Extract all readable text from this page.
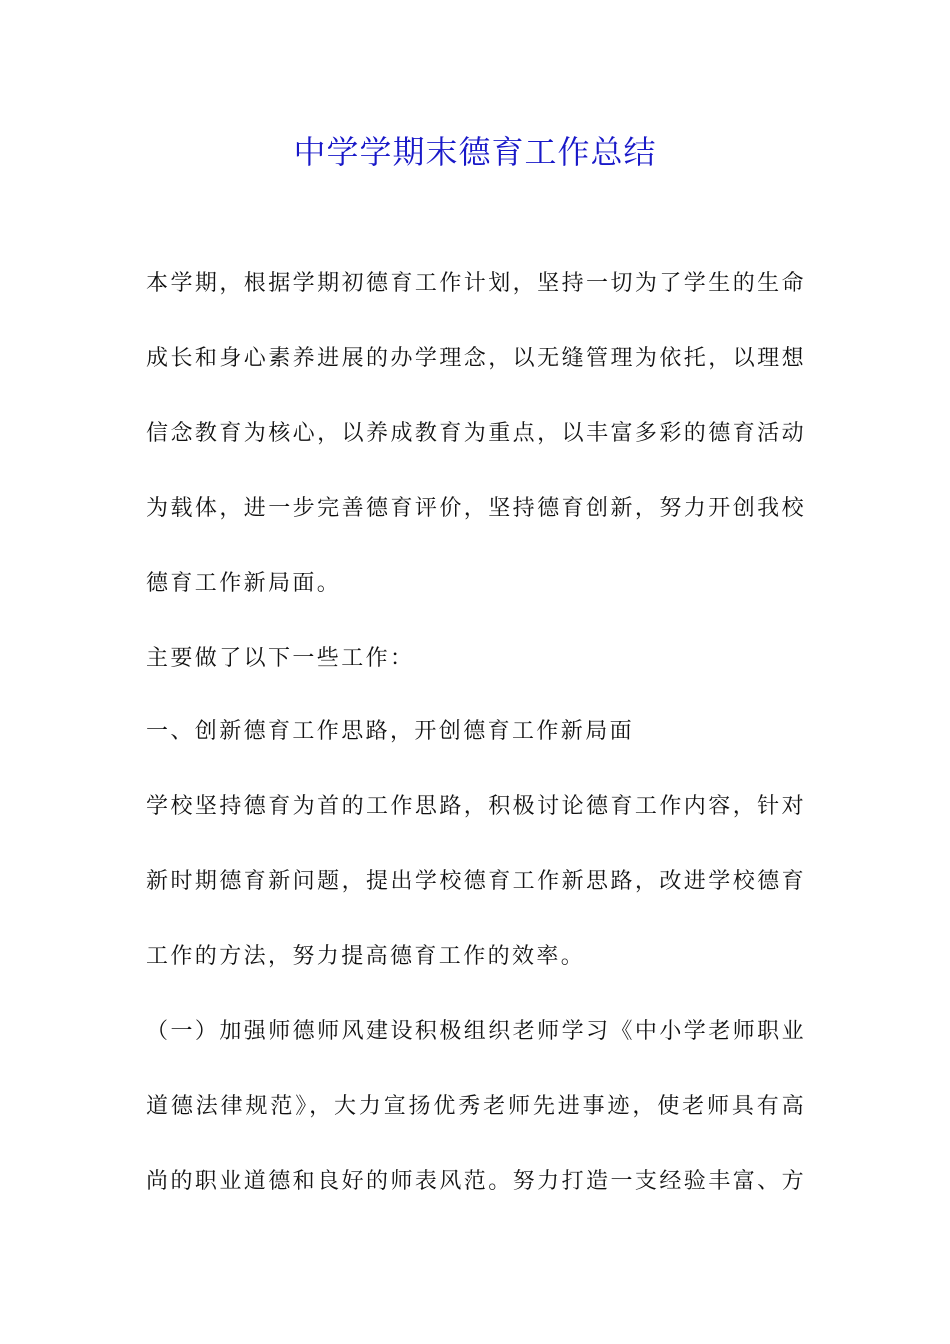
中学学期末德育工作总结
本学期，根据学期初德育工作计划，坚持一切为了学生的生命
成长和身心素养进展的办学理念，以无缝管理为依托，以理想
信念教育为核心，以养成教育为重点，以丰富多彩的德育活动
为载体，进一步完善德育评价，坚持德育创新，努力开创我校
德育工作新局面。
主要做了以下一些工作：
一、创新德育工作思路，开创德育工作新局面
学校坚持德育为首的工作思路，积极讨论德育工作内容，针对
新时期德育新问题，提出学校德育工作新思路，改进学校德育
工作的方法，努力提高德育工作的效率。
（一）加强师德师风建设积极组织老师学习《中小学老师职业
道德法律规范》，大力宣扬优秀老师先进事迹，使老师具有高
尚的职业道德和良好的师表风范。努力打造一支经验丰富、方
